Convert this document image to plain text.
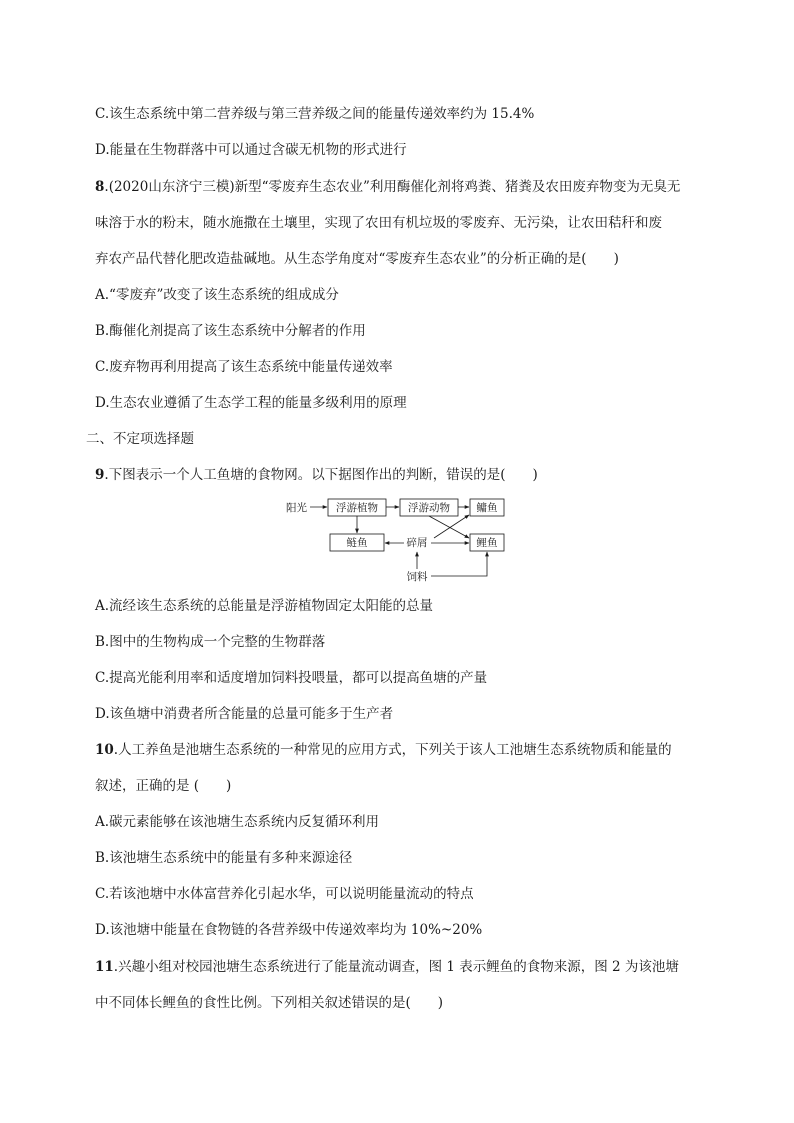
C.该生态系统中第二营养级与第三营养级之间的能量传递效率约为 15.4%
D.能量在生物群落中可以通过含碳无机物的形式进行
8.(2020山东济宁三模)新型“零废弃生态农业”利用酶催化剂将鸡粪、猪粪及农田废弃物变为无臭无
味溶于水的粉末，随水施撒在土壤里，实现了农田有机垃圾的零废弃、无污染，让农田秸秆和废
弃农产品代替化肥改造盐碱地。从生态学角度对“零废弃生态农业”的分析正确的是(　　)
A.“零废弃”改变了该生态系统的组成成分
B.酶催化剂提高了该生态系统中分解者的作用
C.废弃物再利用提高了该生态系统中能量传递效率
D.生态农业遵循了生态学工程的能量多级利用的原理
二、不定项选择题
9.下图表示一个人工鱼塘的食物网。以下据图作出的判断，错误的是(　　)
阳光	浮游植物	浮游动物	鳙鱼
鲢鱼	碎屑	鲤鱼
饲料
A.流经该生态系统的总能量是浮游植物固定太阳能的总量
B.图中的生物构成一个完整的生物群落
C.提高光能利用率和适度增加饲料投喂量，都可以提高鱼塘的产量
D.该鱼塘中消费者所含能量的总量可能多于生产者
10.人工养鱼是池塘生态系统的一种常见的应用方式，下列关于该人工池塘生态系统物质和能量的
叙述，正确的是 (　　)
A.碳元素能够在该池塘生态系统内反复循环利用
B.该池塘生态系统中的能量有多种来源途径
C.若该池塘中水体富营养化引起水华，可以说明能量流动的特点
D.该池塘中能量在食物链的各营养级中传递效率均为 10%~20%
11.兴趣小组对校园池塘生态系统进行了能量流动调查，图 1 表示鲤鱼的食物来源，图 2 为该池塘
中不同体长鲤鱼的食性比例。下列相关叙述错误的是(　　)
